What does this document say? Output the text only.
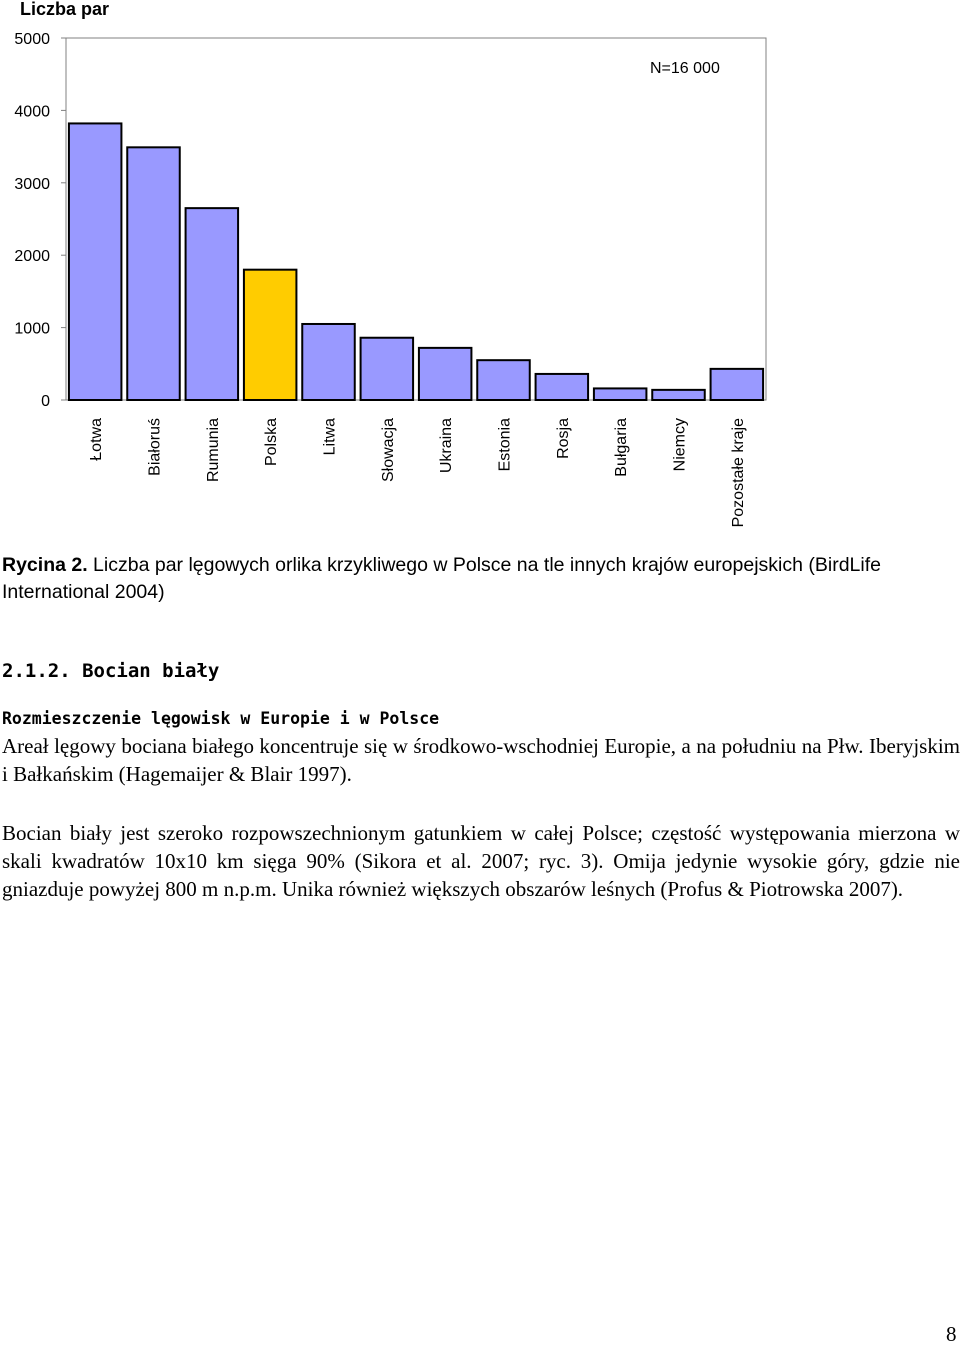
Liczba par
0
1000
2000
3000
4000
5000
Łotwa	Białoruś	Rumunia	Polska	Litwa	Słowacja	Ukraina	Estonia	Rosja	Bułgaria	Niemcy	Pozostałe kraje
N=16 000
Rycina 2. Liczba par lęgowych orlika krzykliwego w Polsce na tle innych krajów europejskich (BirdLife International 2004)
2.1.2. Bocian biały
Rozmieszczenie lęgowisk w Europie i w Polsce

Areał lęgowy bociana białego koncentruje się w środkowo-wschodniej Europie, a na południu na Płw. Iberyjskim i Bałkańskim (Hagemaijer & Blair 1997).

Bocian biały jest szeroko rozpowszechnionym gatunkiem w całej Polsce; częstość występowania mierzona w skali kwadratów 10x10 km sięga 90% (Sikora et al. 2007; ryc. 3). Omija jedynie wysokie góry, gdzie nie gniazduje powyżej 800 m n.p.m. Unika również większych obszarów leśnych (Profus & Piotrowska 2007).

8
